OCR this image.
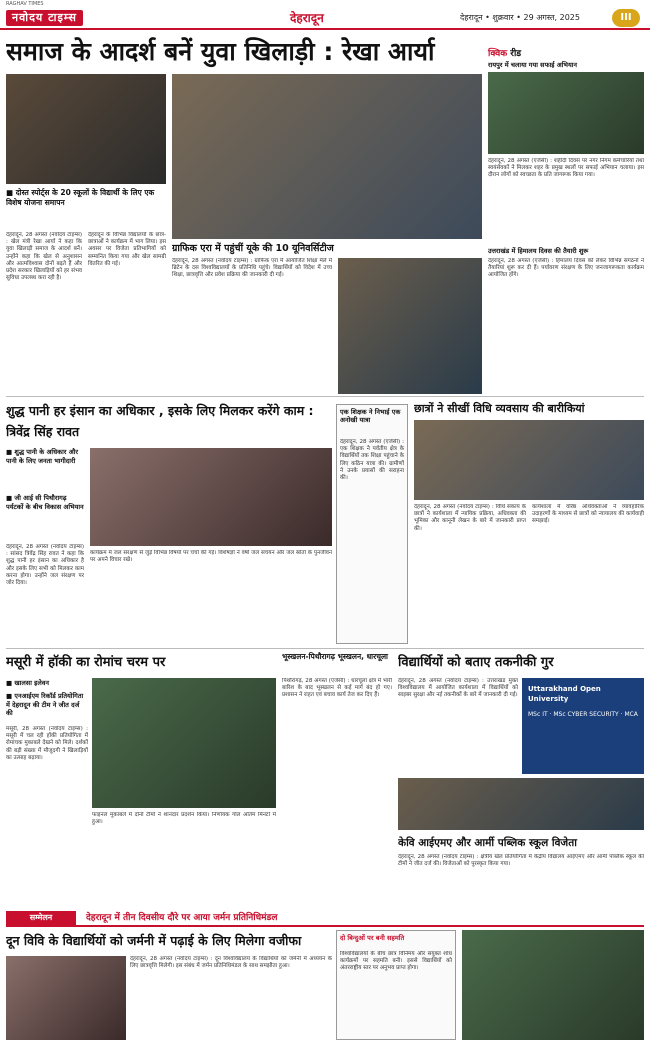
RAGHAV TIMES
नवोदय टाइम्स	देहरादून	देहरादून • शुक्रवार • 29 अगस्त, 2025	III
समाज के आदर्श बनें युवा खिलाड़ी : रेखा आर्या
■ दोस्त स्पोर्ट्स के 20 स्कूलों के विद्यार्थी के लिए एक विशेष योजना समापन
देहरादून, 28 अगस्त (नवोदय टाइम्स) : खेल मंत्री रेखा आर्या ने कहा कि युवा खिलाड़ी समाज के आदर्श बनें। उन्होंने कहा कि खेल से अनुशासन और आत्मविश्वास दोनों बढ़ते हैं और प्रदेश सरकार खिलाड़ियों को हर संभव सुविधा उपलब्ध करा रही है।
देहरादून के विभिन्न विद्यालयों के छात्र-छात्राओं ने कार्यक्रम में भाग लिया। इस अवसर पर विजेता प्रतिभागियों को सम्मानित किया गया और खेल सामग्री वितरित की गई।
ग्राफिक एरा में पहुंचीं यूके की 10 यूनिवर्सिटीज
देहरादून, 28 अगस्त (नवोदय टाइम्स) : ग्राफिक एरा में आयोजित शिक्षा मेले में ब्रिटेन के दस विश्वविद्यालयों के प्रतिनिधि पहुंचे। विद्यार्थियों को विदेश में उच्च शिक्षा, छात्रवृत्ति और प्रवेश प्रक्रिया की जानकारी दी गई।
क्विक रीड
रायपुर में चलाया गया सफाई अभियान
देहरादून, 28 अगस्त (एजेंसी) : शहीदी दिवस पर नगर निगम कर्मचारियों तथा स्वयंसेवकों ने मिलकर शहर के प्रमुख स्थलों पर सफाई अभियान चलाया। इस दौरान लोगों को स्वच्छता के प्रति जागरूक किया गया।
उत्तराखंड में हिमालय दिवस की तैयारी शुरू
देहरादून, 28 अगस्त (एजेंसी) : हिमालय दिवस को लेकर विभिन्न संगठनों ने तैयारियां शुरू कर दी हैं। पर्यावरण संरक्षण के लिए जनजागरूकता कार्यक्रम आयोजित होंगे।
शुद्ध पानी हर इंसान का अधिकार , इसके लिए मिलकर करेंगे काम : त्रिवेंद्र सिंह रावत
■ शुद्ध पानी के अधिकार और पानी के लिए जनता भागीदारी
■ जी आई सी पिथौरागढ़ पर्यटकों के बीच विकास अभियान
देहरादून, 28 अगस्त (नवोदय टाइम्स) : सांसद त्रिवेंद्र सिंह रावत ने कहा कि शुद्ध पानी हर इंसान का अधिकार है और इसके लिए सभी को मिलकर काम करना होगा। उन्होंने जल संरक्षण पर जोर दिया।
कार्यक्रम में जल संरक्षण से जुड़े विभिन्न विषयों पर चर्चा की गई। विशेषज्ञों ने वर्षा जल संचयन और जल स्रोतों के पुनर्जीवन पर अपने विचार रखे।
एक शिक्षक ने निभाई एक अनोखी यात्रा
देहरादून, 28 अगस्त (एजेंसी) : एक शिक्षक ने पर्वतीय क्षेत्र के विद्यार्थियों तक शिक्षा पहुंचाने के लिए कठिन यात्रा की। ग्रामीणों ने उनके प्रयासों की सराहना की।
छात्रों ने सीखीं विधि व्यवसाय की बारीकियां
देहरादून, 28 अगस्त (नवोदय टाइम्स) : विधि संकाय के छात्रों ने कार्यशाला में न्यायिक प्रक्रिया, अधिवक्ता की भूमिका और कानूनी लेखन के बारे में जानकारी प्राप्त की।
कार्यशाला में वरिष्ठ अधिवक्ताओं ने व्यावहारिक उदाहरणों के माध्यम से छात्रों को न्यायालय की कार्यवाही समझाई।
मसूरी में हॉकी का रोमांच चरम पर
■ खालसा इलेवन
■ एनआईएम रिकॉर्ड प्रतियोगिता में देहरादून की टीम ने जीत दर्ज की
मसूरी, 28 अगस्त (नवोदय टाइम्स) : मसूरी में चल रही हॉकी प्रतियोगिता में रोमांचक मुकाबले देखने को मिले। दर्शकों की बड़ी संख्या में मौजूदगी ने खिलाड़ियों का उत्साह बढ़ाया।
फाइनल मुकाबले में दोनों टीमों ने शानदार प्रदर्शन किया। निर्णायक गोल अंतिम मिनटों में हुआ।
भूस्खलन-पिथौरागढ़ भूस्खलन, धारचूला
पिथौरागढ़, 28 अगस्त (एजेंसी) : धारचूला क्षेत्र में भारी बारिश के बाद भूस्खलन से कई मार्ग बंद हो गए। प्रशासन ने राहत एवं बचाव कार्य तेज कर दिए हैं।
विद्यार्थियों को बताए तकनीकी गुर
देहरादून, 28 अगस्त (नवोदय टाइम्स) : उत्तराखंड मुक्त विश्वविद्यालय में आयोजित कार्यशाला में विद्यार्थियों को साइबर सुरक्षा और नई तकनीकों के बारे में जानकारी दी गई।
Uttarakhand Open University
MSc IT · MSc CYBER SECURITY · MCA
केवि आईएमए और आर्मी पब्लिक स्कूल विजेता
देहरादून, 28 अगस्त (नवोदय टाइम्स) : क्षेत्रीय खेल प्रतियोगिता में केंद्रीय विद्यालय आईएमए और आर्मी पब्लिक स्कूल की टीमों ने जीत दर्ज की। विजेताओं को पुरस्कृत किया गया।
सम्मेलन	देहरादून में तीन दिवसीय दौरे पर आया जर्मन प्रतिनिधिमंडल
दून विवि के विद्यार्थियों को जर्मनी में पढ़ाई के लिए मिलेगा वजीफा
देहरादून, 28 अगस्त (नवोदय टाइम्स) : दून विश्वविद्यालय के विद्यार्थियों को जर्मनी में अध्ययन के लिए छात्रवृत्ति मिलेगी। इस संबंध में जर्मन प्रतिनिधिमंडल के साथ समझौता हुआ।
दो बिन्दुओं पर बनी सहमति
विश्वविद्यालयों के बीच छात्र विनिमय और संयुक्त शोध कार्यक्रमों पर सहमति बनी। इससे विद्यार्थियों को अंतरराष्ट्रीय स्तर पर अनुभव प्राप्त होगा।
